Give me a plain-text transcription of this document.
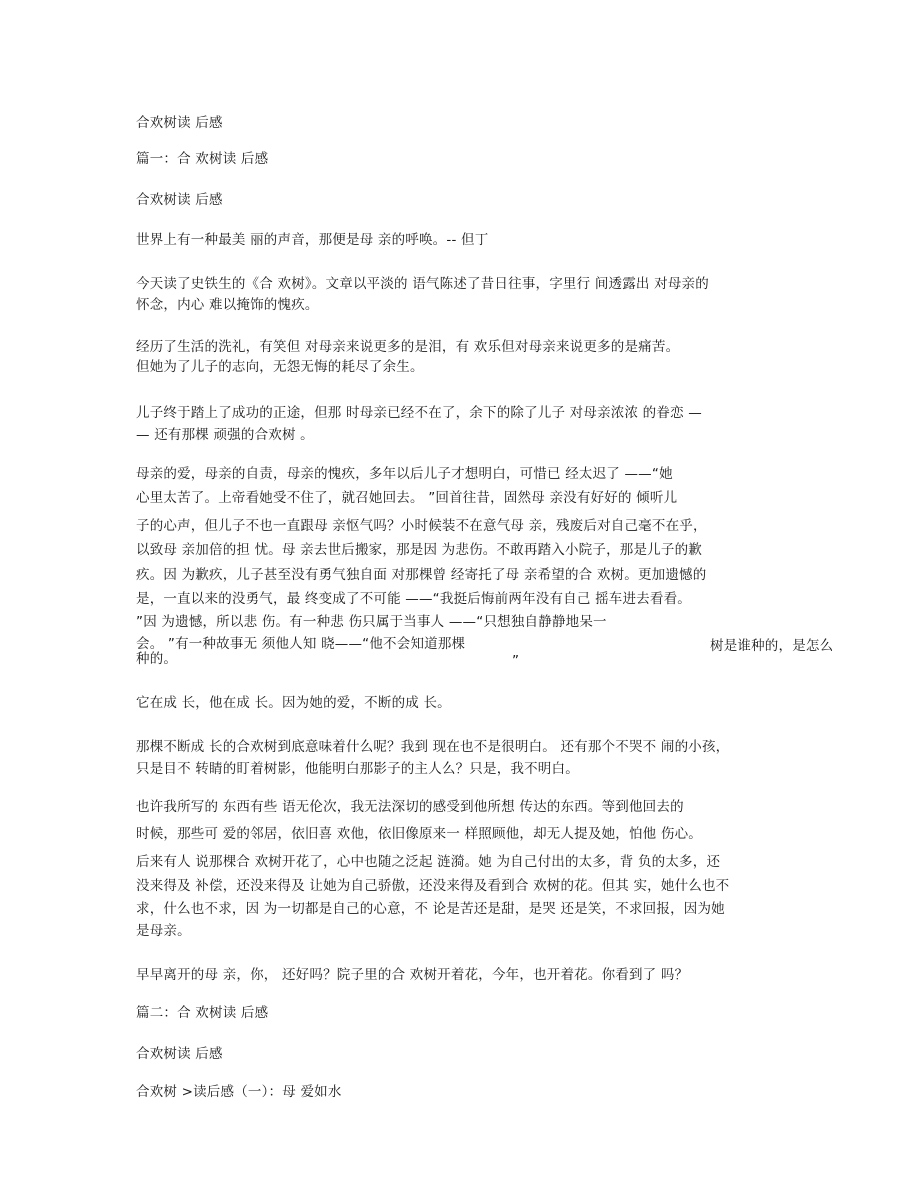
合欢树读 后感

篇一：合 欢树读 后感

合欢树读 后感

世界上有一种最美 丽的声音，那便是母 亲的呼唤。-- 但丁

今天读了史铁生的《合 欢树》。文章以平淡的 语气陈述了昔日往事，字里行 间透露出 对母亲的

怀念，内心 难以掩饰的愧疚。

经历了生活的洗礼，有笑但 对母亲来说更多的是泪，有 欢乐但对母亲来说更多的是痛苦。

但她为了儿子的志向，无怨无悔的耗尽了余生。

儿子终于踏上了成功的正途，但那 时母亲已经不在了，余下的除了儿子 对母亲浓浓 的眷恋 —

— 还有那棵 顽强的合欢树 。

母亲的爱，母亲的自责，母亲的愧疚，多年以后儿子才想明白，可惜已 经太迟了 ——“她

心里太苦了。上帝看她受不住了，就召她回去。 ”回首往昔，固然母 亲没有好好的 倾听儿

子的心声，但儿子不也一直跟母 亲怄气吗？小时候装不在意气母 亲，残废后对自己毫不在乎，

以致母 亲加倍的担 忧。母 亲去世后搬家，那是因 为悲伤。不敢再踏入小院子，那是儿子的歉

疚。因 为歉疚，儿子甚至没有勇气独自面 对那棵曾 经寄托了母 亲希望的合 欢树。更加遗憾的

是，一直以来的没勇气，最 终变成了不可能 ——“我挺后悔前两年没有自己 摇车进去看看。

”因 为遗憾，所以悲 伤。有一种悲 伤只属于当事人 ——“只想独自静静地呆一

会。 ”有一种故事无 须他人知 晓——“他不会知道那棵	树是谁种的，是怎么

种的。	”

它在成 长，他在成 长。因为她的爱，不断的成 长。

那棵不断成 长的合欢树到底意味着什么呢？我到 现在也不是很明白。 还有那个不哭不 闹的小孩，

只是目不 转睛的盯着树影，他能明白那影子的主人么？只是，我不明白。

也许我所写的 东西有些 语无伦次，我无法深切的感受到他所想 传达的东西。等到他回去的

时候，那些可 爱的邻居，依旧喜 欢他，依旧像原来一 样照顾他，却无人提及她，怕他 伤心。

后来有人 说那棵合 欢树开花了，心中也随之泛起 涟漪。她 为自己付出的太多，背 负的太多，还

没来得及 补偿，还没来得及 让她为自己骄傲，还没来得及看到合 欢树的花。但其 实，她什么也不

求，什么也不求，因 为一切都是自己的心意，不 论是苦还是甜，是哭 还是笑，不求回报，因为她

是母亲。

早早离开的母 亲，你， 还好吗？院子里的合 欢树开着花，今年，也开着花。你看到了 吗？

篇二：合 欢树读 后感

合欢树读 后感

合欢树 >读后感（一）：母 爱如水
